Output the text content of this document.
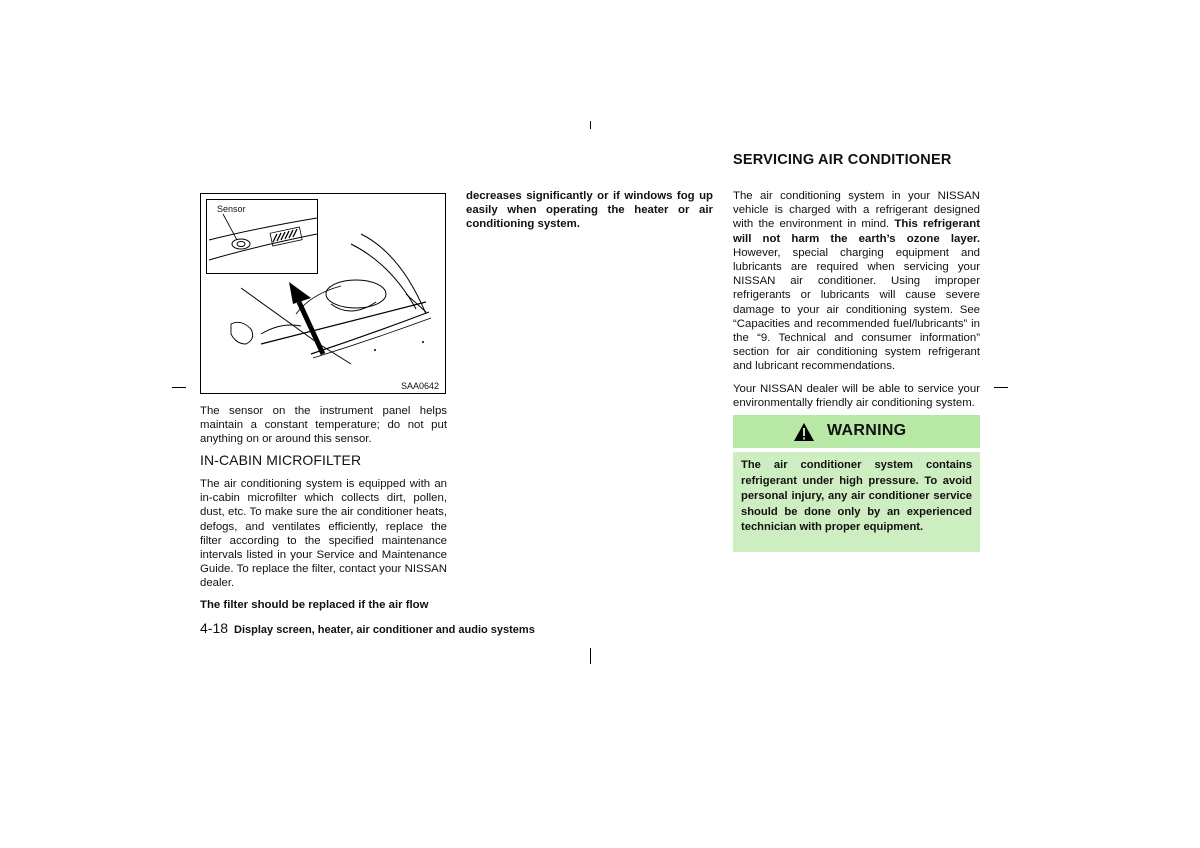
Sensor
SAA0642

The sensor on the instrument panel helps maintain a constant temperature; do not put anything on or around this sensor.

IN-CABIN MICROFILTER

The air conditioning system is equipped with an in-cabin microfilter which collects dirt, pollen, dust, etc. To make sure the air conditioner heats, defogs, and ventilates efficiently, replace the filter according to the specified maintenance intervals listed in your Service and Maintenance Guide. To replace the filter, contact your NISSAN dealer.

The filter should be replaced if the air flow

decreases significantly or if windows fog up easily when operating the heater or air conditioning system.

SERVICING AIR CONDITIONER

The air conditioning system in your NISSAN vehicle is charged with a refrigerant designed with the environment in mind. This refrigerant will not harm the earth’s ozone layer. However, special charging equipment and lubricants are required when servicing your NISSAN air conditioner. Using improper refrigerants or lubricants will cause severe damage to your air conditioning system. See “Capacities and recommended fuel/lubricants” in the “9. Technical and consumer information” section for air conditioning system refrigerant and lubricant recommendations.

Your NISSAN dealer will be able to service your environmentally friendly air conditioning system.

WARNING
The air conditioner system contains refrigerant under high pressure. To avoid personal injury, any air conditioner service should be done only by an experienced technician with proper equipment.
4-18 Display screen, heater, air conditioner and audio systems
